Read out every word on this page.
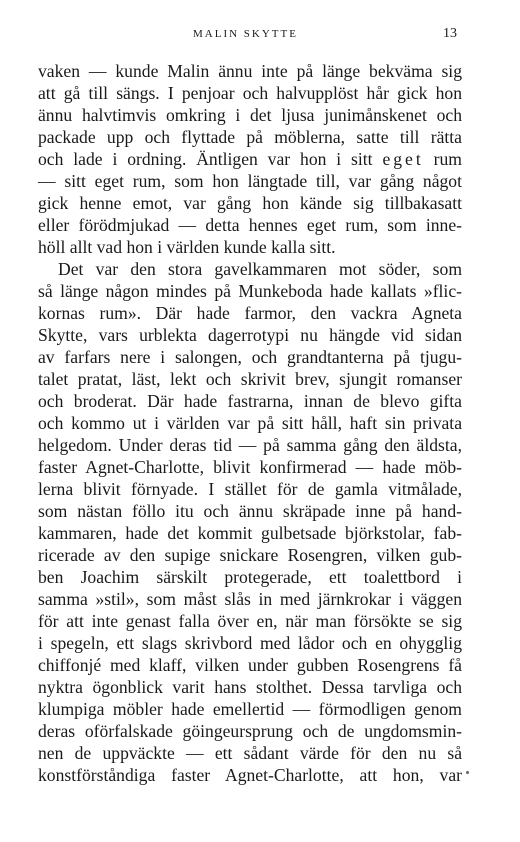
MALIN SKYTTE	13
vaken — kunde Malin ännu inte på länge bekväma sig
att gå till sängs. I penjoar och halvupplöst hår gick hon
ännu halvtimvis omkring i det ljusa junimånskenet och
packade upp och flyttade på möblerna, satte till rätta
och lade i ordning. Äntligen var hon i sitt eget rum
— sitt eget rum, som hon längtade till, var gång något
gick henne emot, var gång hon kände sig tillbakasatt
eller förödmjukad — detta hennes eget rum, som inne-
höll allt vad hon i världen kunde kalla sitt.
Det var den stora gavelkammaren mot söder, som
så länge någon mindes på Munkeboda hade kallats »flic-
kornas rum». Där hade farmor, den vackra Agneta
Skytte, vars urblekta dagerrotypi nu hängde vid sidan
av farfars nere i salongen, och grandtanterna på tjugu-
talet pratat, läst, lekt och skrivit brev, sjungit romanser
och broderat. Där hade fastrarna, innan de blevo gifta
och kommo ut i världen var på sitt håll, haft sin privata
helgedom. Under deras tid — på samma gång den äldsta,
faster Agnet-Charlotte, blivit konfirmerad — hade möb-
lerna blivit förnyade. I stället för de gamla vitmålade,
som nästan föllo itu och ännu skräpade inne på hand-
kammaren, hade det kommit gulbetsade björkstolar, fab-
ricerade av den supige snickare Rosengren, vilken gub-
ben Joachim särskilt protegerade, ett toalettbord i
samma »stil», som måst slås in med järnkrokar i väggen
för att inte genast falla över en, när man försökte se sig
i spegeln, ett slags skrivbord med lådor och en ohygglig
chiffonjé med klaff, vilken under gubben Rosengrens få
nyktra ögonblick varit hans stolthet. Dessa tarvliga och
klumpiga möbler hade emellertid — förmodligen genom
deras oförfalskade göingeursprung och de ungdomsmin-
nen de uppväckte — ett sådant värde för den nu så
konstförståndiga faster Agnet-Charlotte, att hon, var
